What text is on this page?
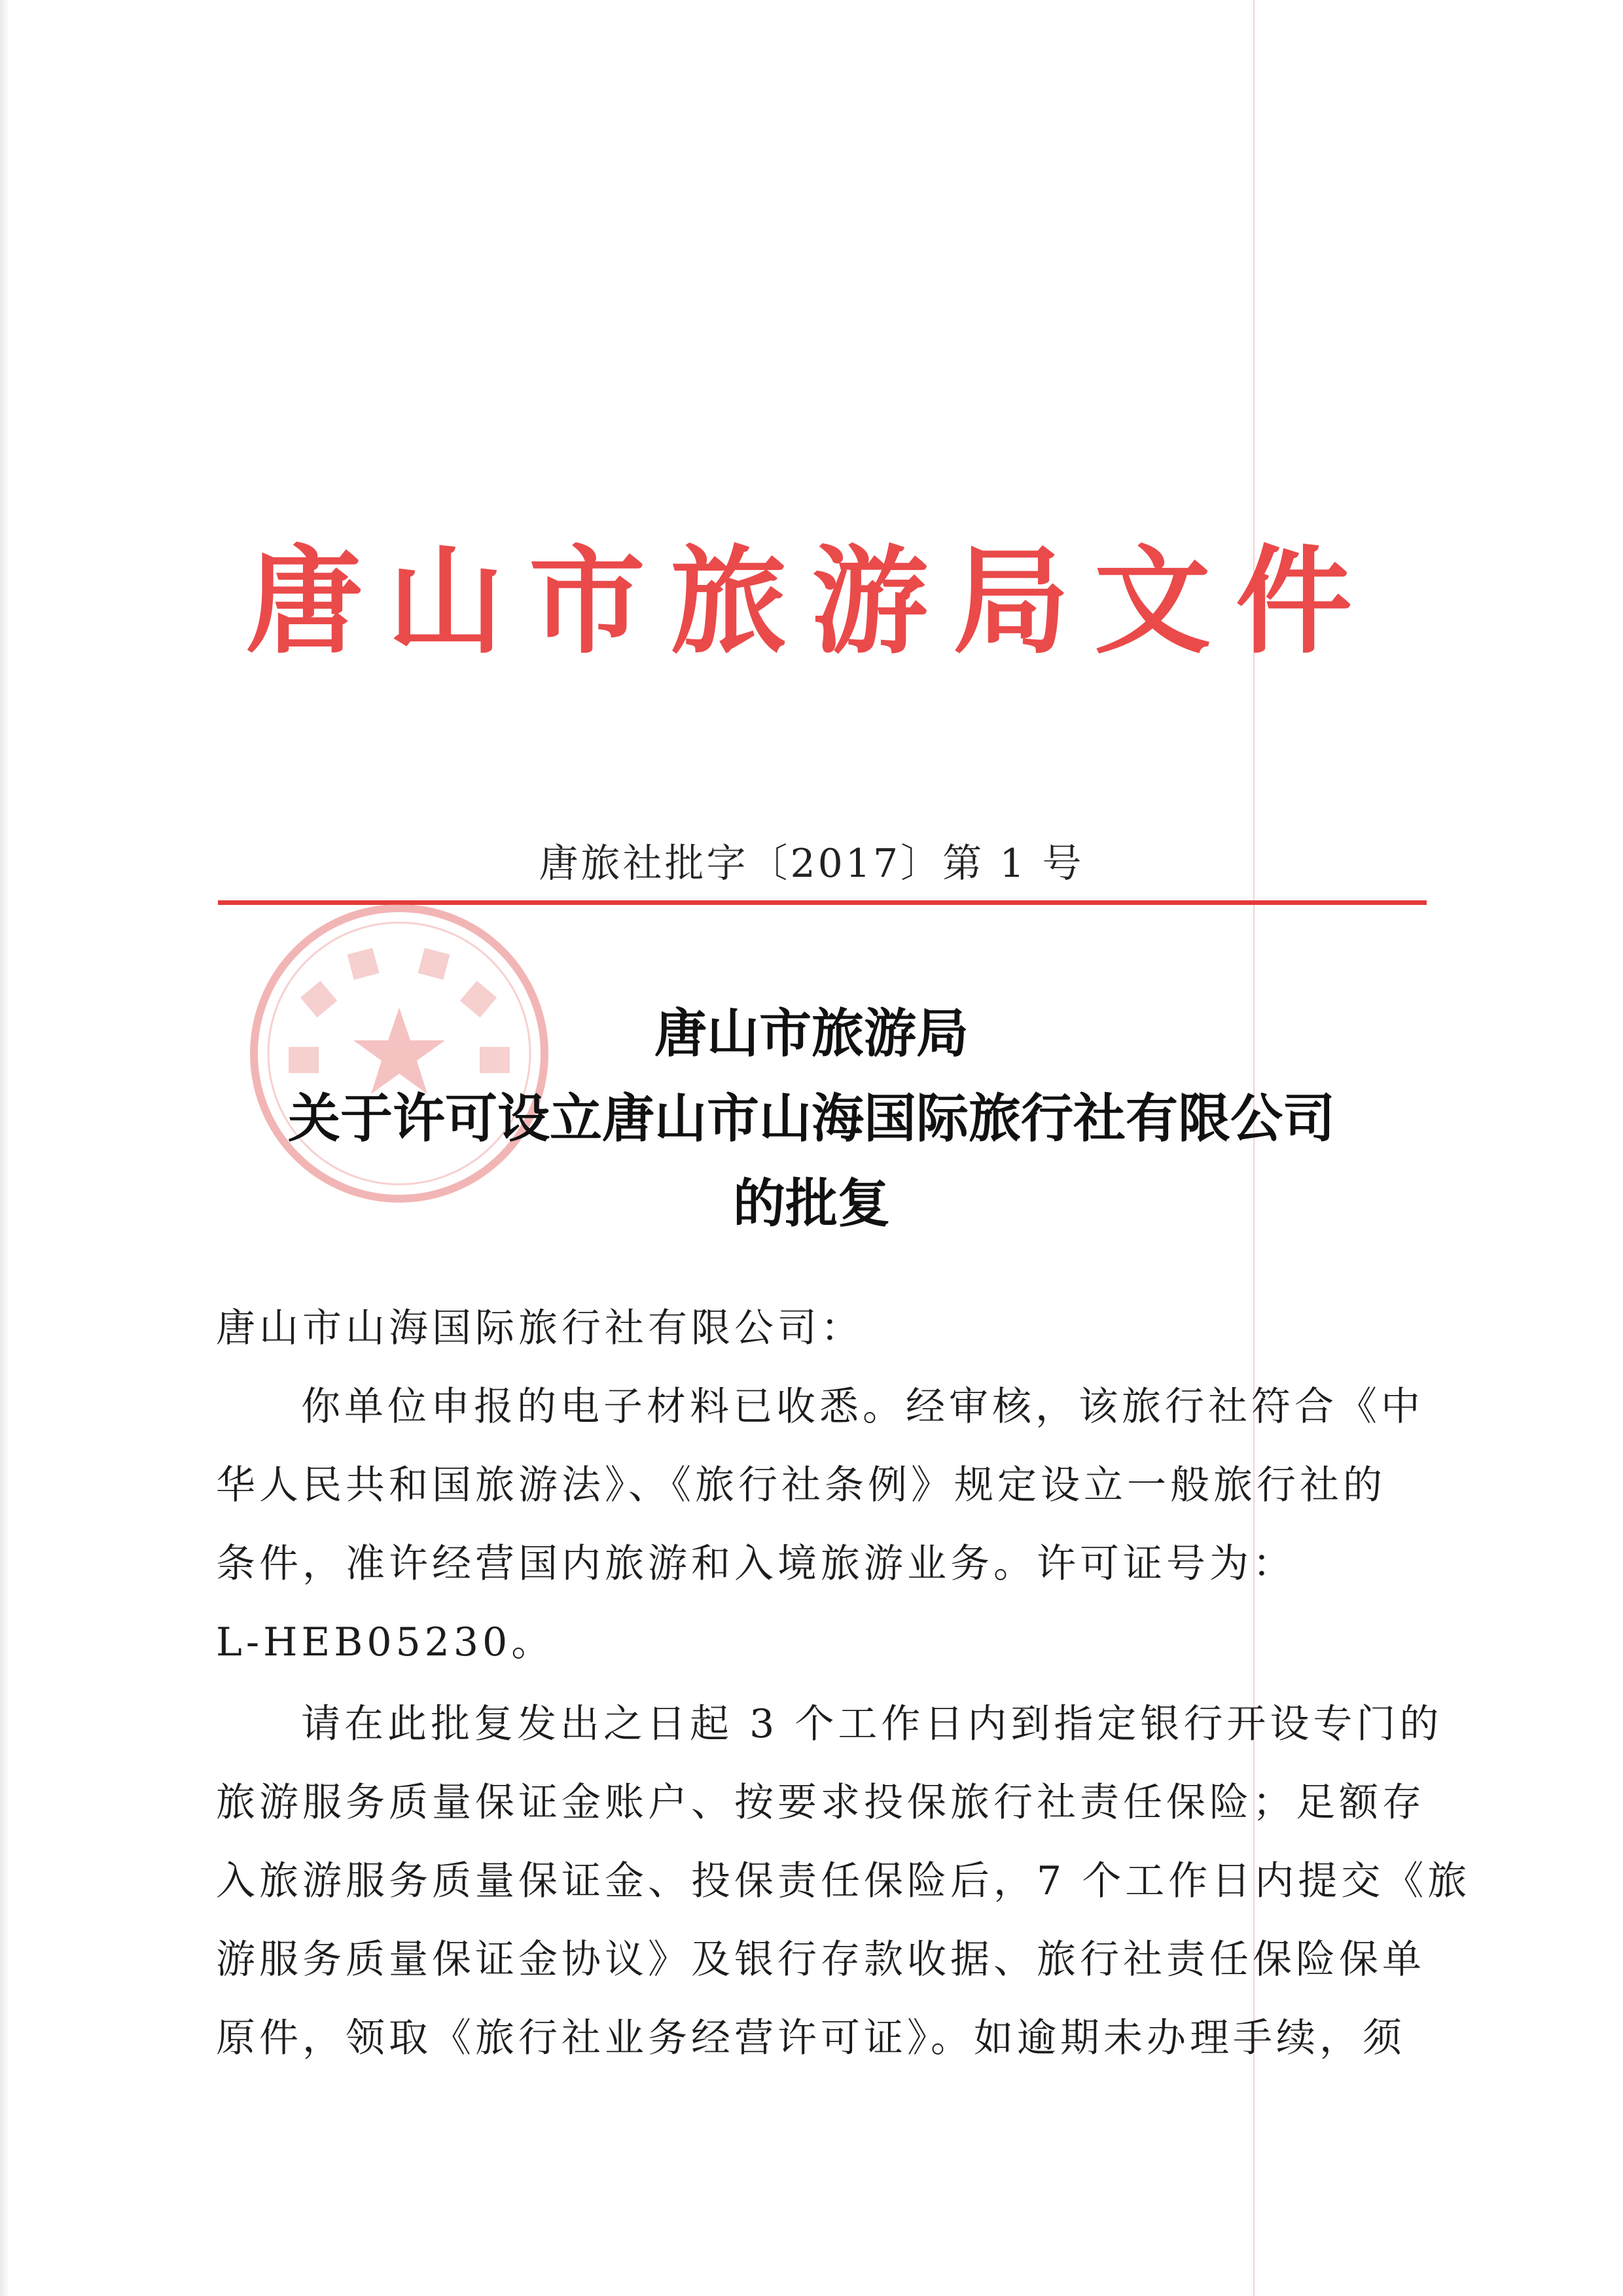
唐山市旅游局文件
唐旅社批字〔2017〕第 1 号
唐山市旅游局
关于许可设立唐山市山海国际旅行社有限公司
的批复
唐山市山海国际旅行社有限公司：
你单位申报的电子材料已收悉。经审核，该旅行社符合《中
华人民共和国旅游法》、《旅行社条例》规定设立一般旅行社的
条件，准许经营国内旅游和入境旅游业务。许可证号为：
L-HEB05230。
请在此批复发出之日起 3 个工作日内到指定银行开设专门的
旅游服务质量保证金账户、按要求投保旅行社责任保险；足额存
入旅游服务质量保证金、投保责任保险后，7 个工作日内提交《旅
游服务质量保证金协议》及银行存款收据、旅行社责任保险保单
原件，领取《旅行社业务经营许可证》。如逾期未办理手续，须
